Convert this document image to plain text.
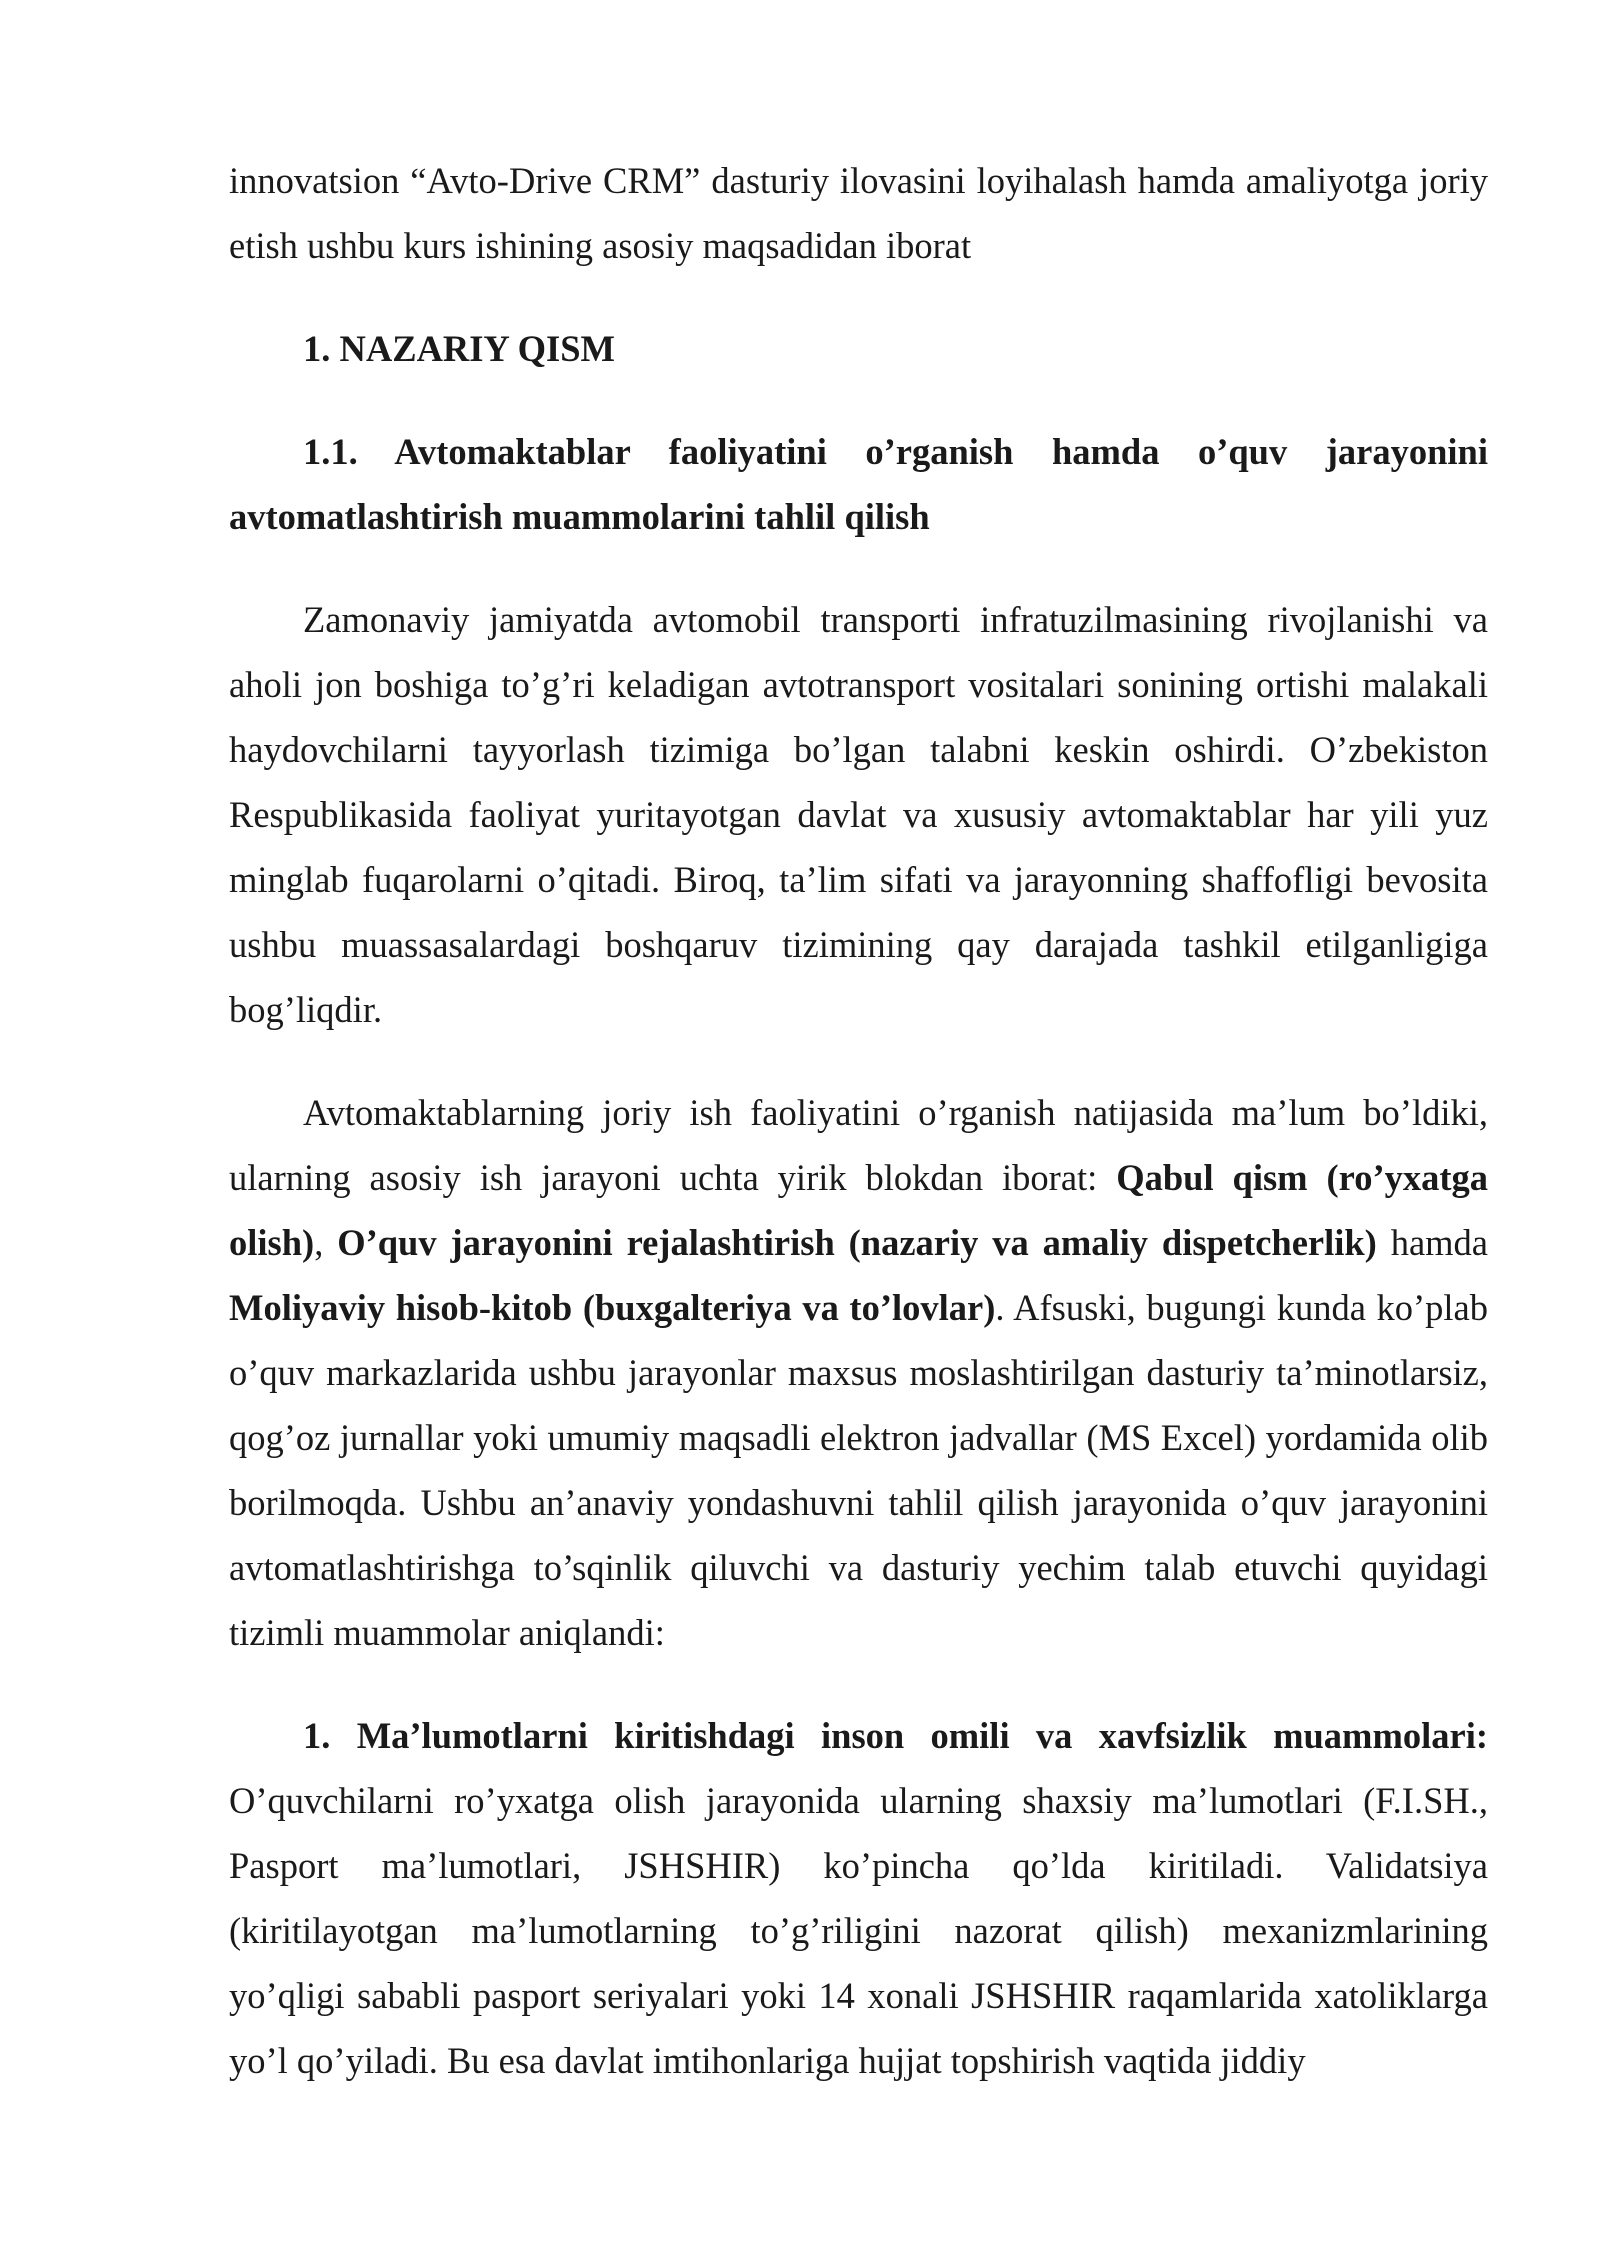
innovatsion “Avto-Drive CRM” dasturiy ilovasini loyihalash hamda amaliyotga joriy etish ushbu kurs ishining asosiy maqsadidan iborat

1. NAZARIY QISM

1.1. Avtomaktablar faoliyatini o’rganish hamda o’quv jarayonini avtomatlashtirish muammolarini tahlil qilish

Zamonaviy jamiyatda avtomobil transporti infratuzilmasining rivojlanishi va aholi jon boshiga to’g’ri keladigan avtotransport vositalari sonining ortishi malakali haydovchilarni tayyorlash tizimiga bo’lgan talabni keskin oshirdi. O’zbekiston Respublikasida faoliyat yuritayotgan davlat va xususiy avtomaktablar har yili yuz minglab fuqarolarni o’qitadi. Biroq, ta’lim sifati va jarayonning shaffofligi bevosita ushbu muassasalardagi boshqaruv tizimining qay darajada tashkil etilganligiga bog’liqdir.

Avtomaktablarning joriy ish faoliyatini o’rganish natijasida ma’lum bo’ldiki, ularning asosiy ish jarayoni uchta yirik blokdan iborat: Qabul qism (ro’yxatga olish), O’quv jarayonini rejalashtirish (nazariy va amaliy dispetcherlik) hamda Moliyaviy hisob-kitob (buxgalteriya va to’lovlar). Afsuski, bugungi kunda ko’plab o’quv markazlarida ushbu jarayonlar maxsus moslashtirilgan dasturiy ta’minotlarsiz, qog’oz jurnallar yoki umumiy maqsadli elektron jadvallar (MS Excel) yordamida olib borilmoqda. Ushbu an’anaviy yondashuvni tahlil qilish jarayonida o’quv jarayonini avtomatlashtirishga to’sqinlik qiluvchi va dasturiy yechim talab etuvchi quyidagi tizimli muammolar aniqlandi:

1. Ma’lumotlarni kiritishdagi inson omili va xavfsizlik muammolari: O’quvchilarni ro’yxatga olish jarayonida ularning shaxsiy ma’lumotlari (F.I.SH., Pasport ma’lumotlari, JSHSHIR) ko’pincha qo’lda kiritiladi. Validatsiya (kiritilayotgan ma’lumotlarning to’g’riligini nazorat qilish) mexanizmlarining yo’qligi sababli pasport seriyalari yoki 14 xonali JSHSHIR raqamlarida xatoliklarga yo’l qo’yiladi. Bu esa davlat imtihonlariga hujjat topshirish vaqtida jiddiy
